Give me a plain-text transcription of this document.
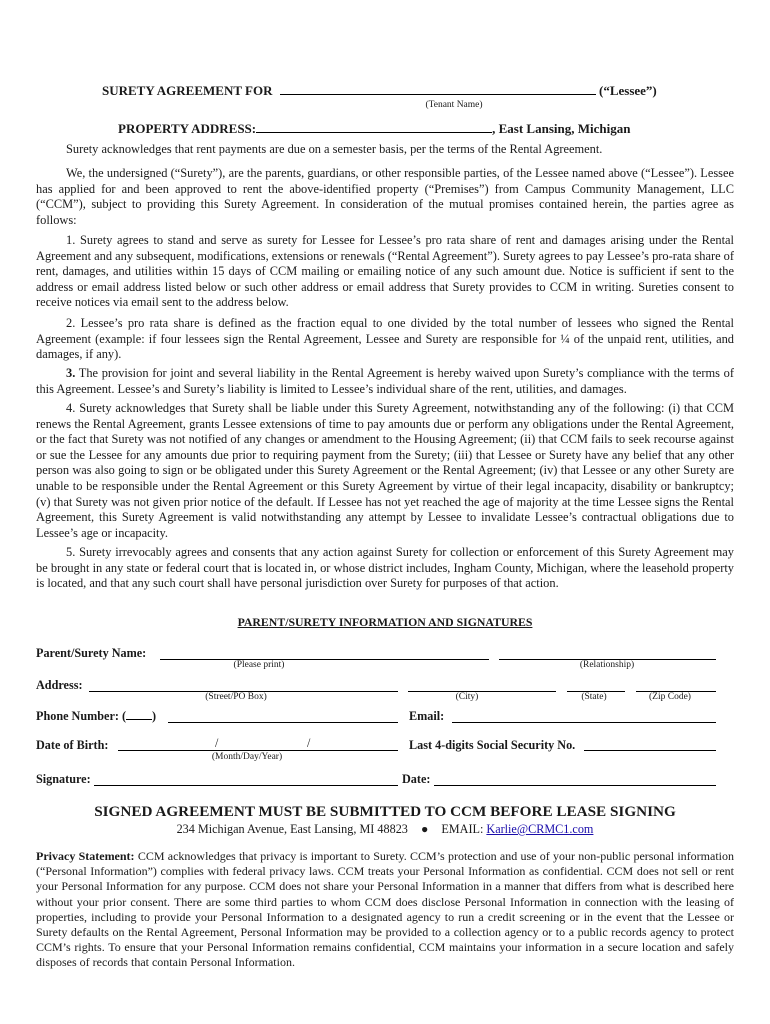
SURETY AGREEMENT FOR	(“Lessee”)
(Tenant Name)
PROPERTY ADDRESS:	, East Lansing, Michigan

Surety acknowledges that rent payments are due on a semester basis, per the terms of the Rental Agreement.

We, the undersigned (“Surety”), are the parents, guardians, or other responsible parties, of the Lessee named above (“Lessee”). Lessee has applied for and been approved to rent the above-identified property (“Premises”) from Campus Community Management, LLC (“CCM”), subject to providing this Surety Agreement. In consideration of the mutual promises contained herein, the parties agree as follows:

1. Surety agrees to stand and serve as surety for Lessee for Lessee’s pro rata share of rent and damages arising under the Rental Agreement and any subsequent, modifications, extensions or renewals (“Rental Agreement”). Surety agrees to pay Lessee’s pro-rata share of rent, damages, and utilities within 15 days of CCM mailing or emailing notice of any such amount due. Notice is sufficient if sent to the address or email address listed below or such other address or email address that Surety provides to CCM in writing. Sureties consent to receive notices via email sent to the address below.

2. Lessee’s pro rata share is defined as the fraction equal to one divided by the total number of lessees who signed the Rental Agreement (example: if four lessees sign the Rental Agreement, Lessee and Surety are responsible for ¼ of the unpaid rent, utilities, and damages, if any).

3. The provision for joint and several liability in the Rental Agreement is hereby waived upon Surety’s compliance with the terms of this Agreement. Lessee’s and Surety’s liability is limited to Lessee’s individual share of the rent, utilities, and damages.

4. Surety acknowledges that Surety shall be liable under this Surety Agreement, notwithstanding any of the following: (i) that CCM renews the Rental Agreement, grants Lessee extensions of time to pay amounts due or perform any obligations under the Rental Agreement, or the fact that Surety was not notified of any changes or amendment to the Housing Agreement; (ii) that CCM fails to seek recourse against or sue the Lessee for any amounts due prior to requiring payment from the Surety; (iii) that Lessee or Surety have any belief that any other person was also going to sign or be obligated under this Surety Agreement or the Rental Agreement; (iv) that Lessee or any other Surety are unable to be responsible under the Rental Agreement or this Surety Agreement by virtue of their legal incapacity, disability or bankruptcy; (v) that Surety was not given prior notice of the default. If Lessee has not yet reached the age of majority at the time Lessee signs the Rental Agreement, this Surety Agreement is valid notwithstanding any attempt by Lessee to invalidate Lessee’s contractual obligations due to Lessee’s age or incapacity.

5. Surety irrevocably agrees and consents that any action against Surety for collection or enforcement of this Surety Agreement may be brought in any state or federal court that is located in, or whose district includes, Ingham County, Michigan, where the leasehold property is located, and that any such court shall have personal jurisdiction over Surety for purposes of that action.

PARENT/SURETY INFORMATION AND SIGNATURES
Parent/Surety Name:
(Please print)	(Relationship)
Address:
(Street/PO Box)	(City)	(State)	(Zip Code)
Phone Number: ( )	Email:
Date of Birth:	/	/
(Month/Day/Year)
Last 4-digits Social Security No.
Signature:	Date:
SIGNED AGREEMENT MUST BE SUBMITTED TO CCM BEFORE LEASE SIGNING
234 Michigan Avenue, East Lansing, MI 48823 ● EMAIL: Karlie@CRMC1.com

Privacy Statement: CCM acknowledges that privacy is important to Surety. CCM’s protection and use of your non-public personal information (“Personal Information”) complies with federal privacy laws. CCM treats your Personal Information as confidential. CCM does not sell or rent your Personal Information for any purpose. CCM does not share your Personal Information in a manner that differs from what is described here without your prior consent. There are some third parties to whom CCM does disclose Personal Information in connection with the leasing of properties, including to provide your Personal Information to a designated agency to run a credit screening or in the event that the Lessee or Surety defaults on the Rental Agreement, Personal Information may be provided to a collection agency or to a public records agency to protect CCM’s rights. To ensure that your Personal Information remains confidential, CCM maintains your information in a secure location and safely disposes of records that contain Personal Information.
